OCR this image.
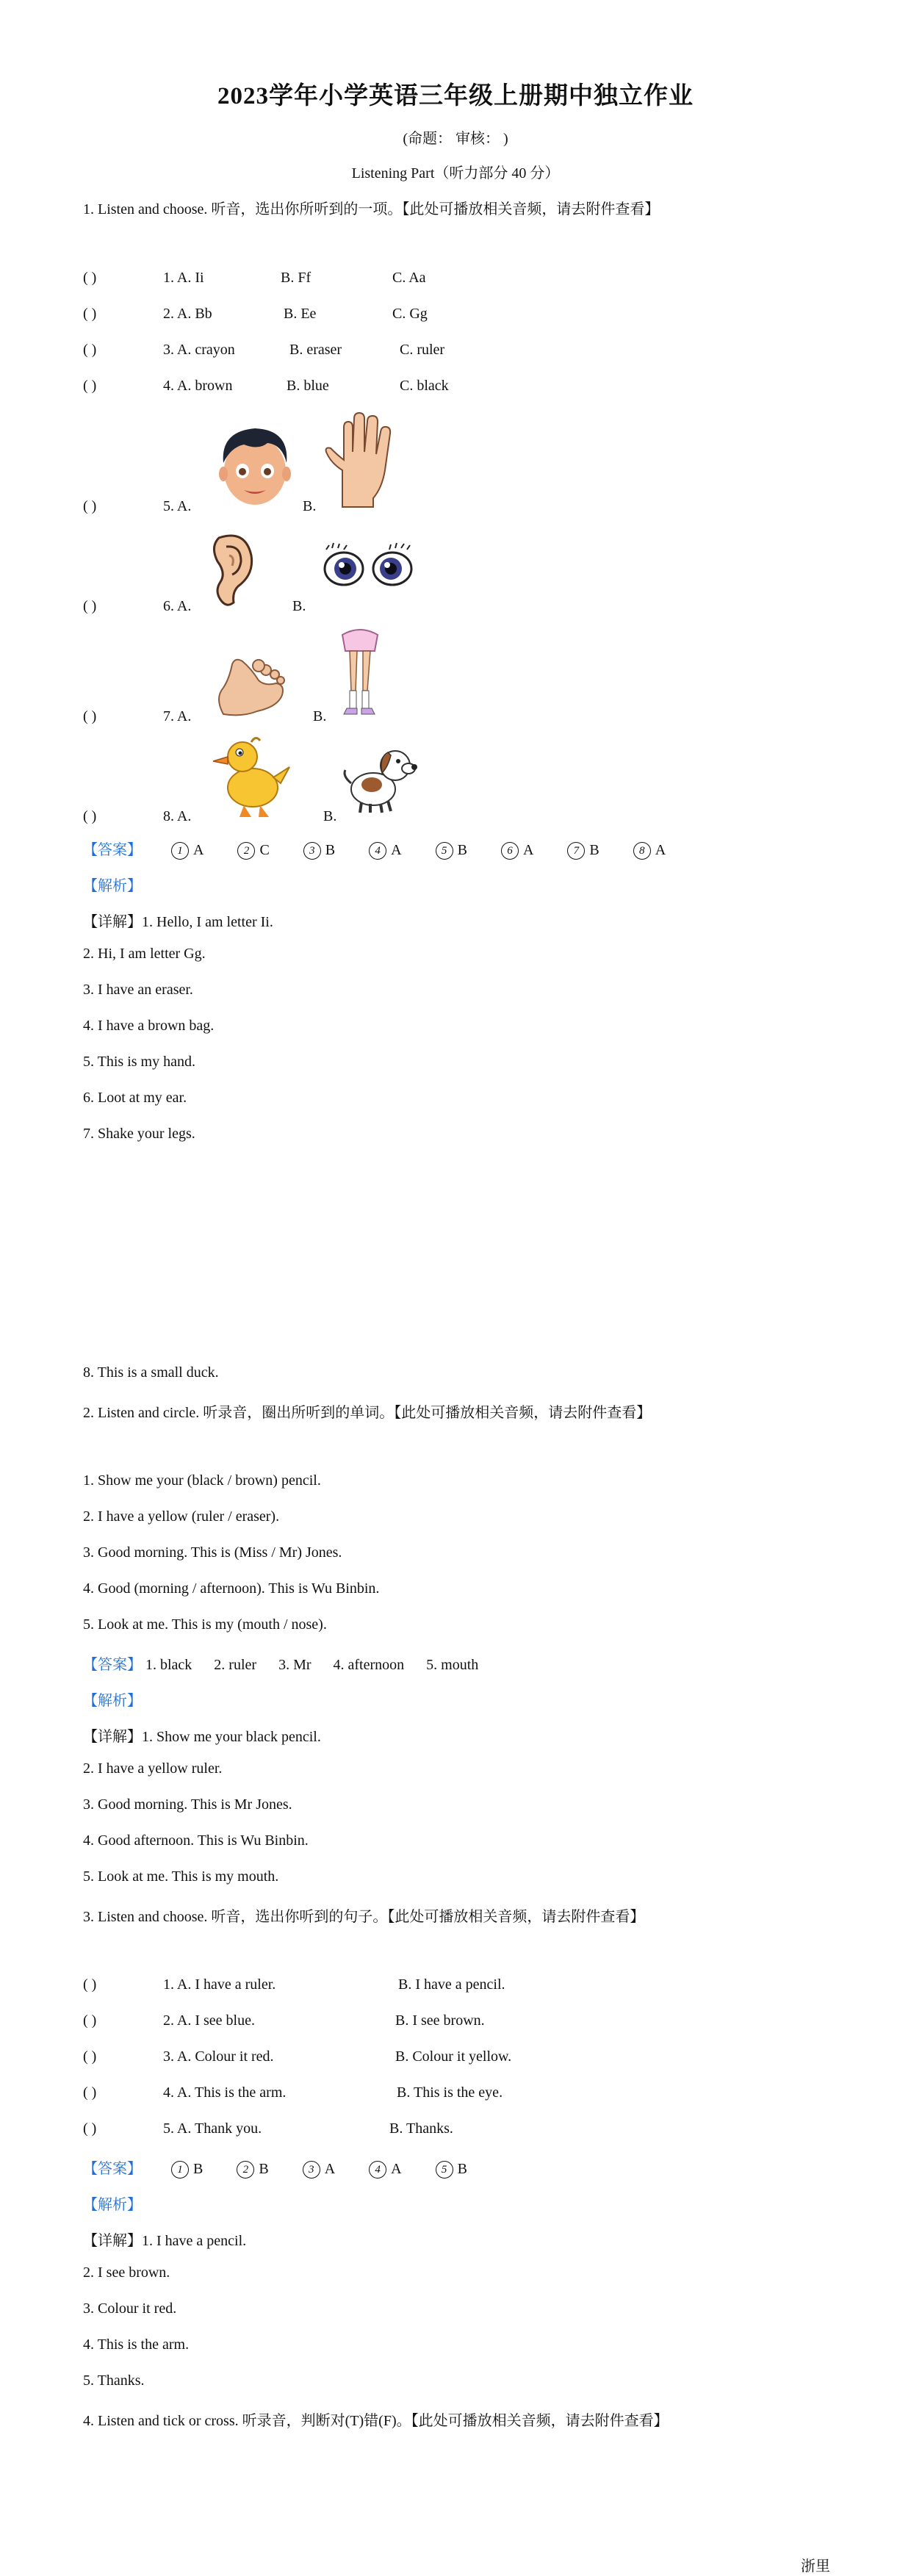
2023学年小学英语三年级上册期中独立作业
(命题： 审核： )
Listening Part（听力部分 40 分）
1. Listen and choose. 听音，选出你所听到的一项。【此处可播放相关音频，请去附件查看】
( )	1. A. Ii	B. Ff	C. Aa
( )	2. A. Bb	B. Ee	C. Gg
( )	3. A. crayon	B. eraser	C. ruler
( )	4. A. brown	B. blue	C. black
( )	5. A.	B.
( )	6. A.	B.
( )	7. A.	B.
( )	8. A.	B.
【答案】	1 A	2 C	3 B	4 A	5 B	6 A	7 B	8 A
【解析】
【详解】1. Hello, I am letter Ii.
2. Hi, I am letter Gg.
3. I have an eraser.
4. I have a brown bag.
5. This is my hand.
6. Loot at my ear.
7. Shake your legs.
8. This is a small duck.
2. Listen and circle. 听录音，圈出所听到的单词。【此处可播放相关音频，请去附件查看】
1. Show me your (black / brown) pencil.
2. I have a yellow (ruler / eraser).
3. Good morning. This is (Miss / Mr) Jones.
4. Good (morning / afternoon). This is Wu Binbin.
5. Look at me. This is my (mouth / nose).
【答案】 1. black      2. ruler      3. Mr      4. afternoon      5. mouth
【解析】
【详解】1. Show me your black pencil.
2. I have a yellow ruler.
3. Good morning. This is Mr Jones.
4. Good afternoon. This is Wu Binbin.
5. Look at me. This is my mouth.
3. Listen and choose. 听音，选出你听到的句子。【此处可播放相关音频，请去附件查看】
( )	1. A. I have a ruler.	B. I have a pencil.
( )	2. A. I see blue.	B. I see brown.
( )	3. A. Colour it red.	B. Colour it yellow.
( )	4. A. This is the arm.	B. This is the eye.
( )	5. A. Thank you.	B. Thanks.
【答案】	1 B	2 B	3 A	4 A	5 B
【解析】
【详解】1. I have a pencil.
2. I see brown.
3. Colour it red.
4. This is the arm.
5. Thanks.
4. Listen and tick or cross. 听录音，判断对(T)错(F)。【此处可播放相关音频，请去附件查看】
浙里
